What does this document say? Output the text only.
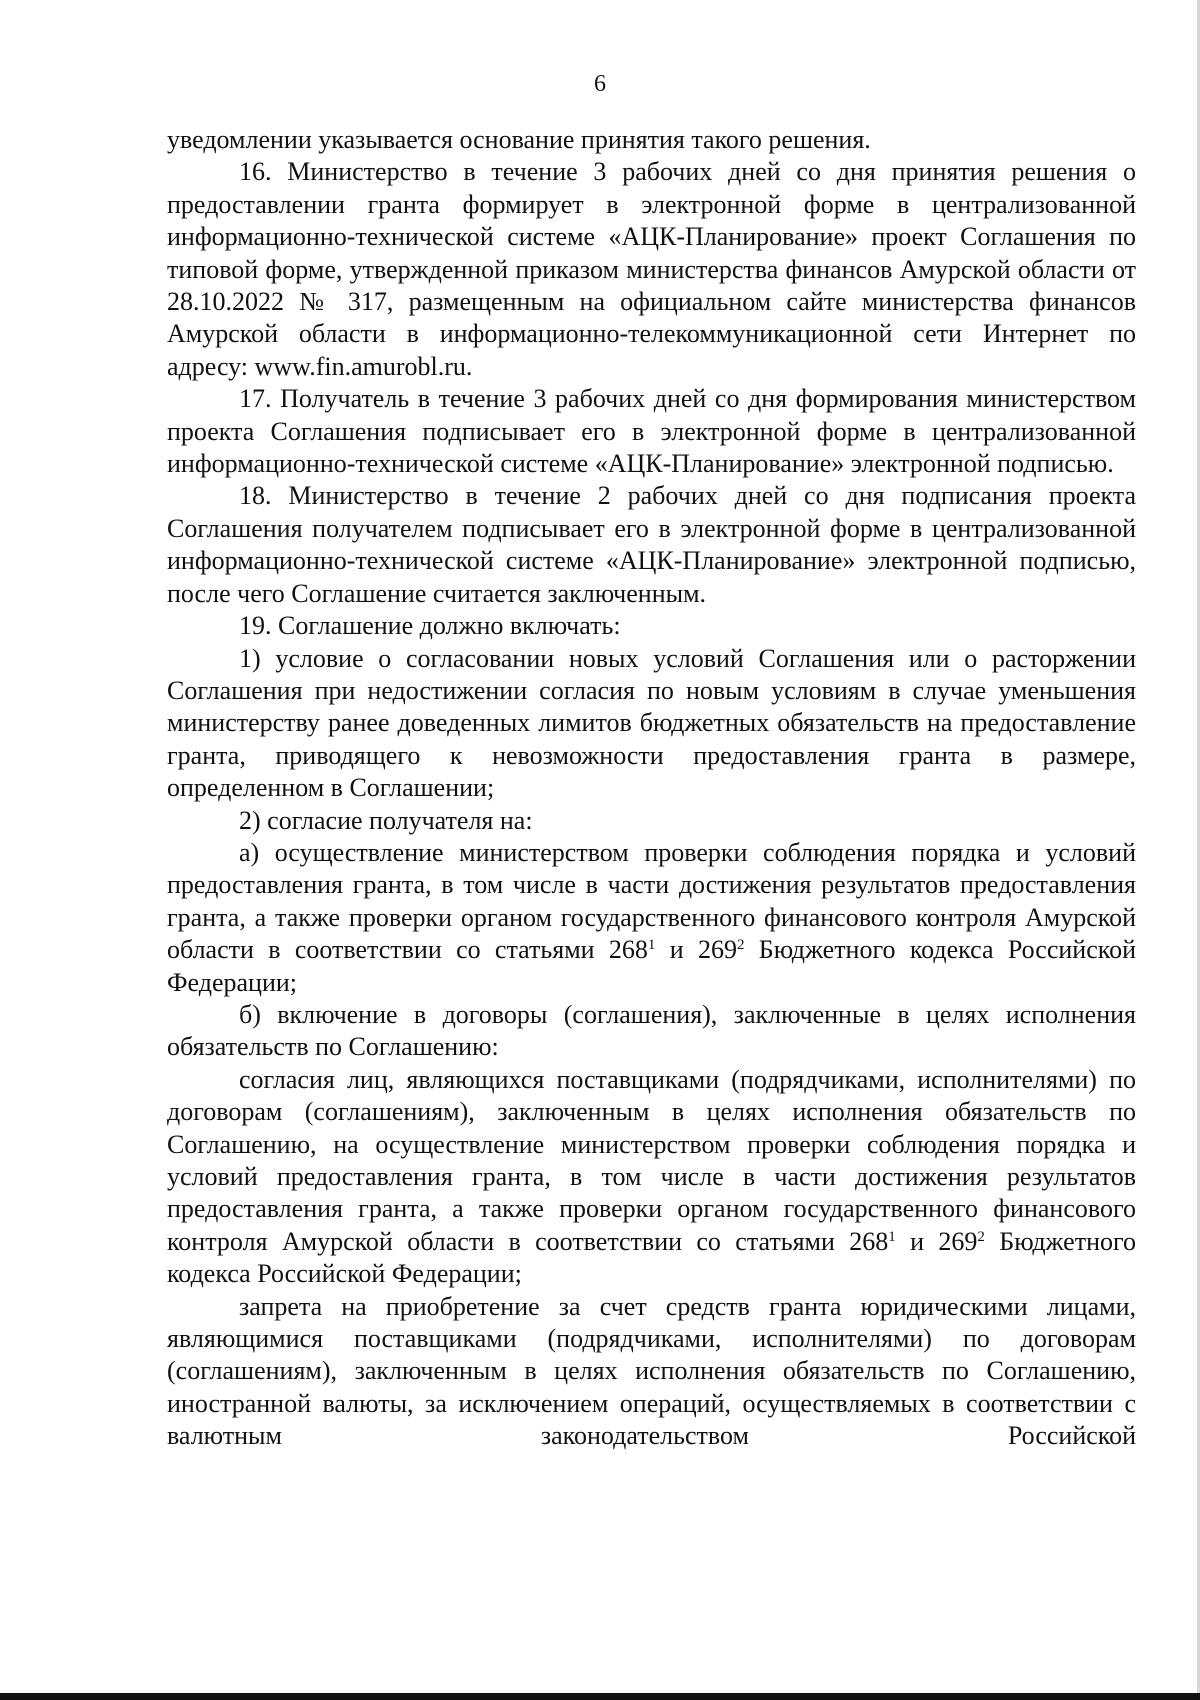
6

уведомлении указывается основание принятия такого решения.

16. Министерство в течение 3 рабочих дней со дня принятия решения о предоставлении гранта формирует в электронной форме в централизованной информационно-технической системе «АЦК-Планирование» проект Соглашения по типовой форме, утвержденной приказом министерства финансов Амурской области от 28.10.2022 № 317, размещенным на официальном сайте министерства финансов Амурской области в информационно-телекоммуникационной сети Интернет по адресу: www.fin.amurobl.ru.

17. Получатель в течение 3 рабочих дней со дня формирования министерством проекта Соглашения подписывает его в электронной форме в централизованной информационно-технической системе «АЦК-Планирование» электронной подписью.

18. Министерство в течение 2 рабочих дней со дня подписания проекта Соглашения получателем подписывает его в электронной форме в централизованной информационно-технической системе «АЦК-Планирование» электронной подписью, после чего Соглашение считается заключенным.

19. Соглашение должно включать:

1) условие о согласовании новых условий Соглашения или о расторжении Соглашения при недостижении согласия по новым условиям в случае уменьшения министерству ранее доведенных лимитов бюджетных обязательств на предоставление гранта, приводящего к невозможности предоставления гранта в размере, определенном в Соглашении;

2) согласие получателя на:

а) осуществление министерством проверки соблюдения порядка и условий предоставления гранта, в том числе в части достижения результатов предоставления гранта, а также проверки органом государственного финансового контроля Амурской области в соответствии со статьями $268^1$ и $269^2$ Бюджетного кодекса Российской Федерации;

б) включение в договоры (соглашения), заключенные в целях исполнения обязательств по Соглашению:

согласия лиц, являющихся поставщиками (подрядчиками, исполнителями) по договорам (соглашениям), заключенным в целях исполнения обязательств по Соглашению, на осуществление министерством проверки соблюдения порядка и условий предоставления гранта, в том числе в части достижения результатов предоставления гранта, а также проверки органом государственного финансового контроля Амурской области в соответствии со статьями $268^1$ и $269^2$ Бюджетного кодекса Российской Федерации;

запрета на приобретение за счет средств гранта юридическими лицами, являющимися поставщиками (подрядчиками, исполнителями) по договорам (соглашениям), заключенным в целях исполнения обязательств по Соглашению, иностранной валюты, за исключением операций, осуществляемых в соответствии с валютным законодательством Российской
